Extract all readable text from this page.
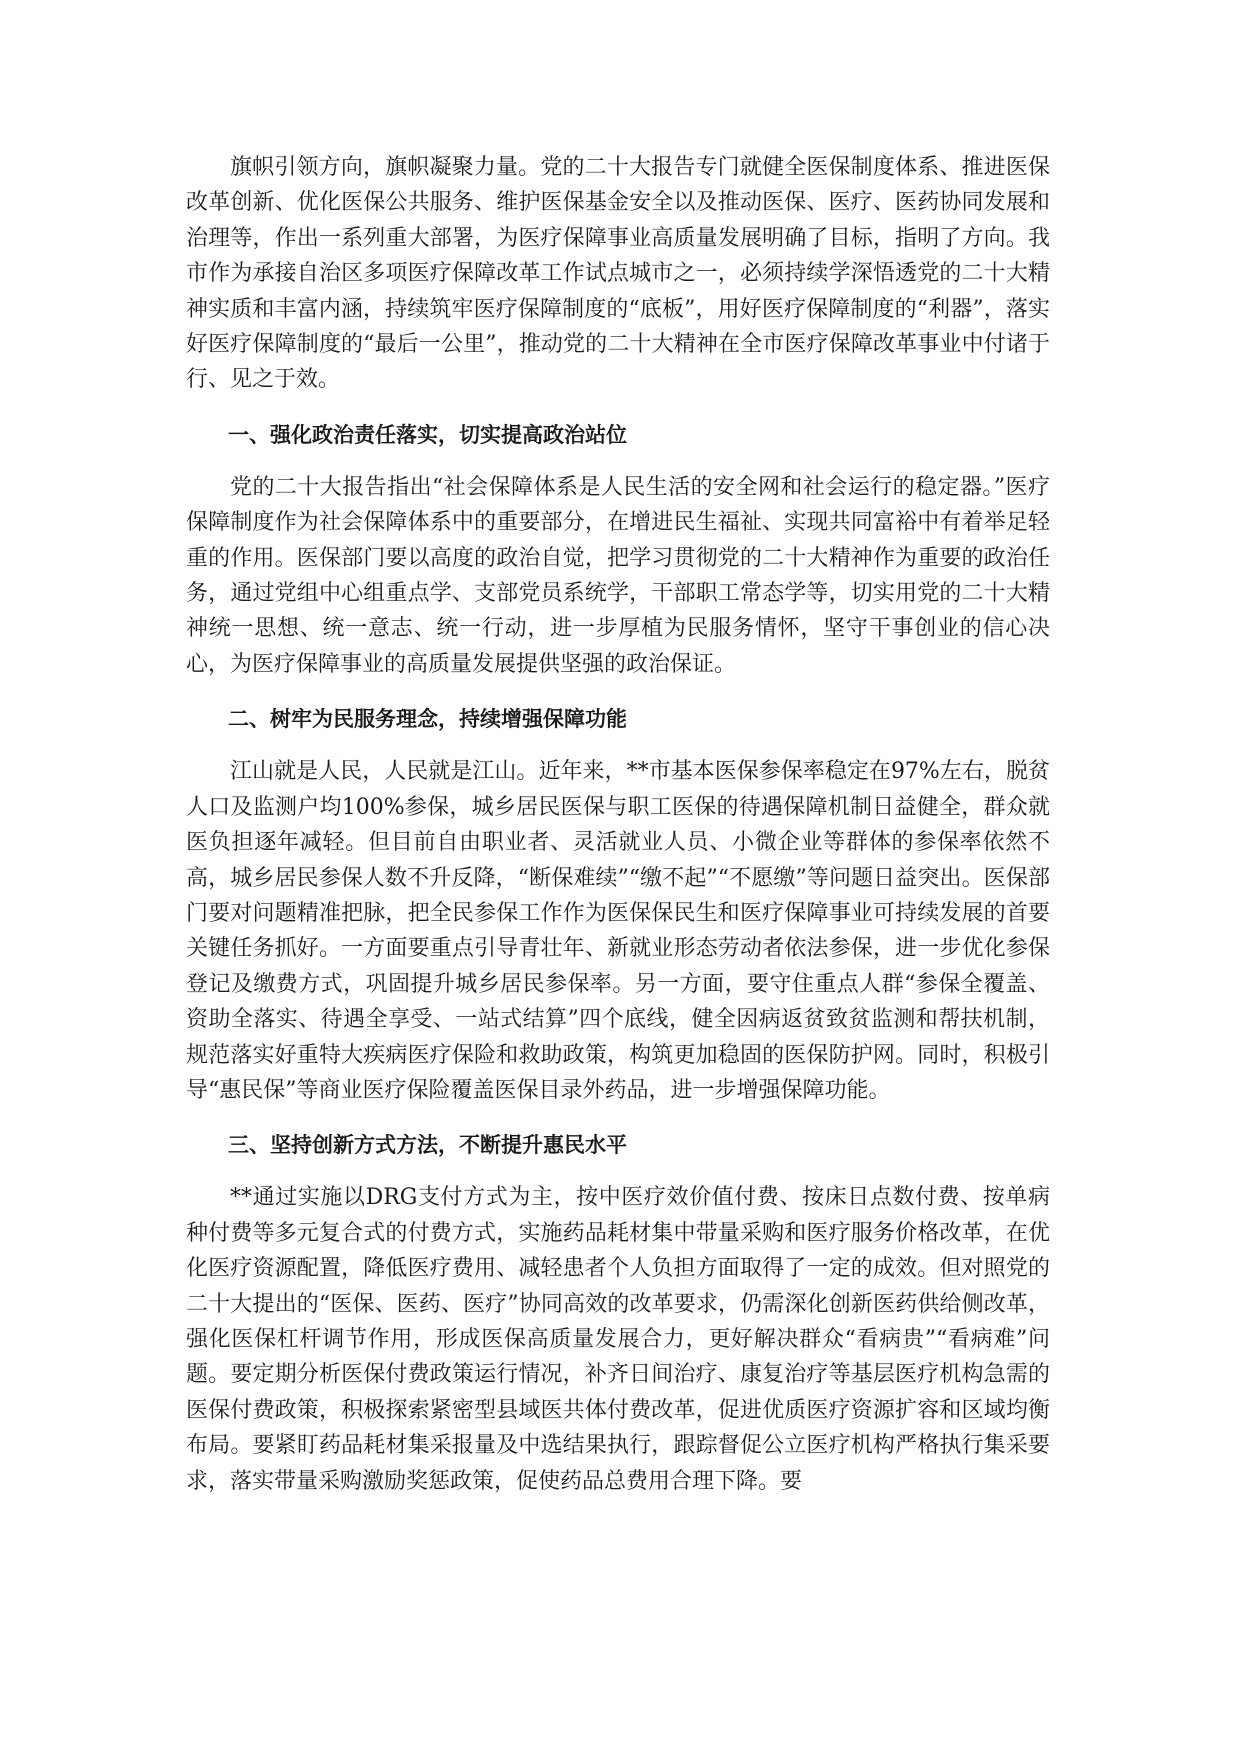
旗帜引领方向，旗帜凝聚力量。党的二十大报告专门就健全医保制度体系、推进医保改革创新、优化医保公共服务、维护医保基金安全以及推动医保、医疗、医药协同发展和治理等，作出一系列重大部署，为医疗保障事业高质量发展明确了目标，指明了方向。我市作为承接自治区多项医疗保障改革工作试点城市之一，必须持续学深悟透党的二十大精神实质和丰富内涵，持续筑牢医疗保障制度的“底板”，用好医疗保障制度的“利器”，落实好医疗保障制度的“最后一公里”，推动党的二十大精神在全市医疗保障改革事业中付诸于行、见之于效。

一、强化政治责任落实，切实提高政治站位

党的二十大报告指出“社会保障体系是人民生活的安全网和社会运行的稳定器。”医疗保障制度作为社会保障体系中的重要部分，在增进民生福祉、实现共同富裕中有着举足轻重的作用。医保部门要以高度的政治自觉，把学习贯彻党的二十大精神作为重要的政治任务，通过党组中心组重点学、支部党员系统学，干部职工常态学等，切实用党的二十大精神统一思想、统一意志、统一行动，进一步厚植为民服务情怀，坚守干事创业的信心决心，为医疗保障事业的高质量发展提供坚强的政治保证。

二、树牢为民服务理念，持续增强保障功能

江山就是人民，人民就是江山。近年来，**市基本医保参保率稳定在97%左右，脱贫人口及监测户均100%参保，城乡居民医保与职工医保的待遇保障机制日益健全，群众就医负担逐年减轻。但目前自由职业者、灵活就业人员、小微企业等群体的参保率依然不高，城乡居民参保人数不升反降，“断保难续”“缴不起”“不愿缴”等问题日益突出。医保部门要对问题精准把脉，把全民参保工作作为医保保民生和医疗保障事业可持续发展的首要关键任务抓好。一方面要重点引导青壮年、新就业形态劳动者依法参保，进一步优化参保登记及缴费方式，巩固提升城乡居民参保率。另一方面，要守住重点人群“参保全覆盖、资助全落实、待遇全享受、一站式结算”四个底线，健全因病返贫致贫监测和帮扶机制，规范落实好重特大疾病医疗保险和救助政策，构筑更加稳固的医保防护网。同时，积极引导“惠民保”等商业医疗保险覆盖医保目录外药品，进一步增强保障功能。

三、坚持创新方式方法，不断提升惠民水平

**通过实施以DRG支付方式为主，按中医疗效价值付费、按床日点数付费、按单病种付费等多元复合式的付费方式，实施药品耗材集中带量采购和医疗服务价格改革，在优化医疗资源配置，降低医疗费用、减轻患者个人负担方面取得了一定的成效。但对照党的二十大提出的“医保、医药、医疗”协同高效的改革要求，仍需深化创新医药供给侧改革，强化医保杠杆调节作用，形成医保高质量发展合力，更好解决群众“看病贵”“看病难”问题。要定期分析医保付费政策运行情况，补齐日间治疗、康复治疗等基层医疗机构急需的医保付费政策，积极探索紧密型县域医共体付费改革，促进优质医疗资源扩容和区域均衡布局。要紧盯药品耗材集采报量及中选结果执行，跟踪督促公立医疗机构严格执行集采要求，落实带量采购激励奖惩政策，促使药品总费用合理下降。要
